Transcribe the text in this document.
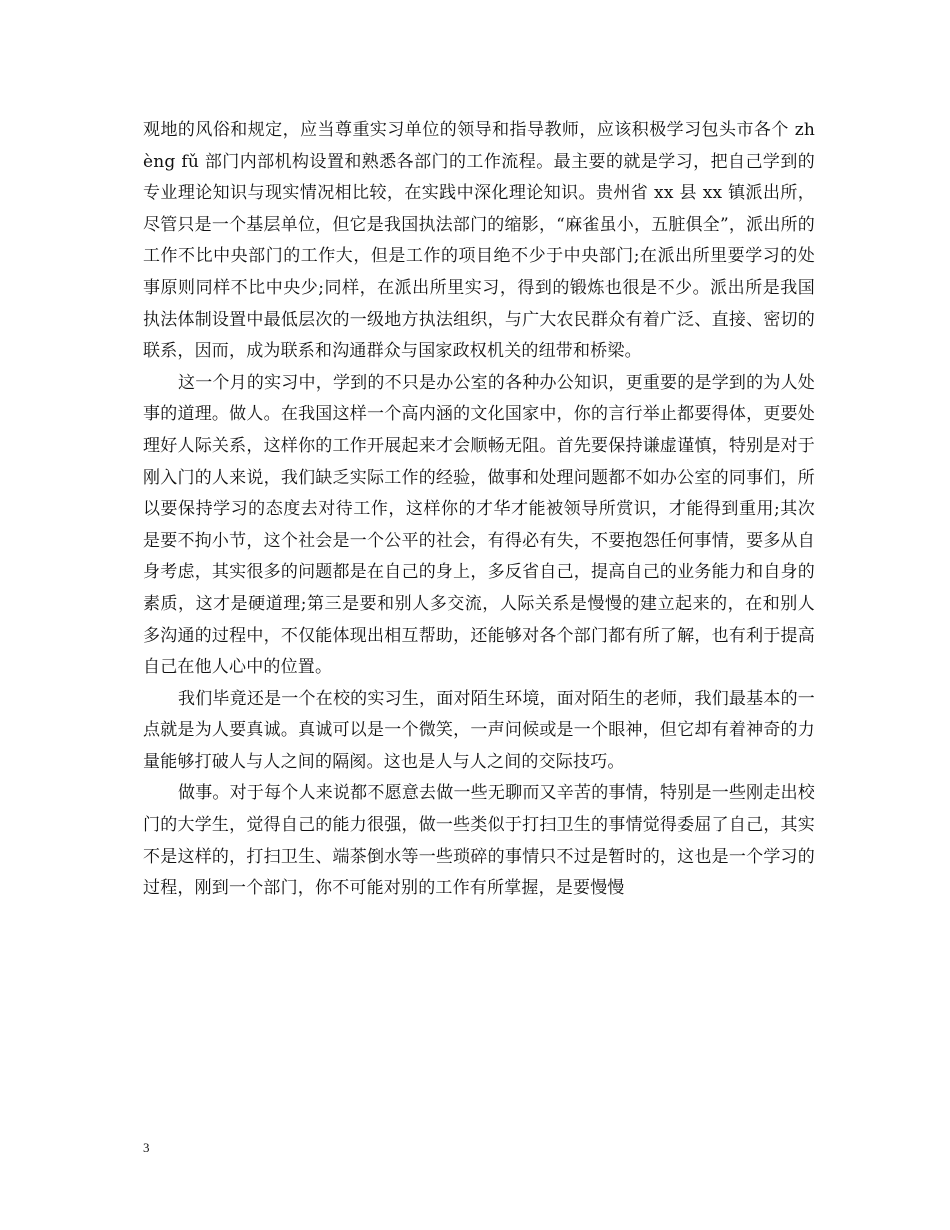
观地的风俗和规定，应当尊重实习单位的领导和指导教师，应该积极学习包头市各个 zhèng fǔ 部门内部机构设置和熟悉各部门的工作流程。最主要的就是学习，把自己学到的专业理论知识与现实情况相比较，在实践中深化理论知识。贵州省 xx 县 xx 镇派出所，尽管只是一个基层单位，但它是我国执法部门的缩影，“麻雀虽小，五脏俱全”，派出所的工作不比中央部门的工作大，但是工作的项目绝不少于中央部门;在派出所里要学习的处事原则同样不比中央少;同样，在派出所里实习，得到的锻炼也很是不少。派出所是我国执法体制设置中最低层次的一级地方执法组织，与广大农民群众有着广泛、直接、密切的联系，因而，成为联系和沟通群众与国家政权机关的纽带和桥梁。

这一个月的实习中，学到的不只是办公室的各种办公知识，更重要的是学到的为人处事的道理。做人。在我国这样一个高内涵的文化国家中，你的言行举止都要得体，更要处理好人际关系，这样你的工作开展起来才会顺畅无阻。首先要保持谦虚谨慎，特别是对于刚入门的人来说，我们缺乏实际工作的经验，做事和处理问题都不如办公室的同事们，所以要保持学习的态度去对待工作，这样你的才华才能被领导所赏识，才能得到重用;其次是要不拘小节，这个社会是一个公平的社会，有得必有失，不要抱怨任何事情，要多从自身考虑，其实很多的问题都是在自己的身上，多反省自己，提高自己的业务能力和自身的素质，这才是硬道理;第三是要和别人多交流，人际关系是慢慢的建立起来的，在和别人多沟通的过程中，不仅能体现出相互帮助，还能够对各个部门都有所了解，也有利于提高自己在他人心中的位置。

我们毕竟还是一个在校的实习生，面对陌生环境，面对陌生的老师，我们最基本的一点就是为人要真诚。真诚可以是一个微笑，一声问候或是一个眼神，但它却有着神奇的力量能够打破人与人之间的隔阂。这也是人与人之间的交际技巧。

做事。对于每个人来说都不愿意去做一些无聊而又辛苦的事情，特别是一些刚走出校门的大学生，觉得自己的能力很强，做一些类似于打扫卫生的事情觉得委屈了自己，其实不是这样的，打扫卫生、端茶倒水等一些琐碎的事情只不过是暂时的，这也是一个学习的过程，刚到一个部门，你不可能对别的工作有所掌握，是要慢慢

3
